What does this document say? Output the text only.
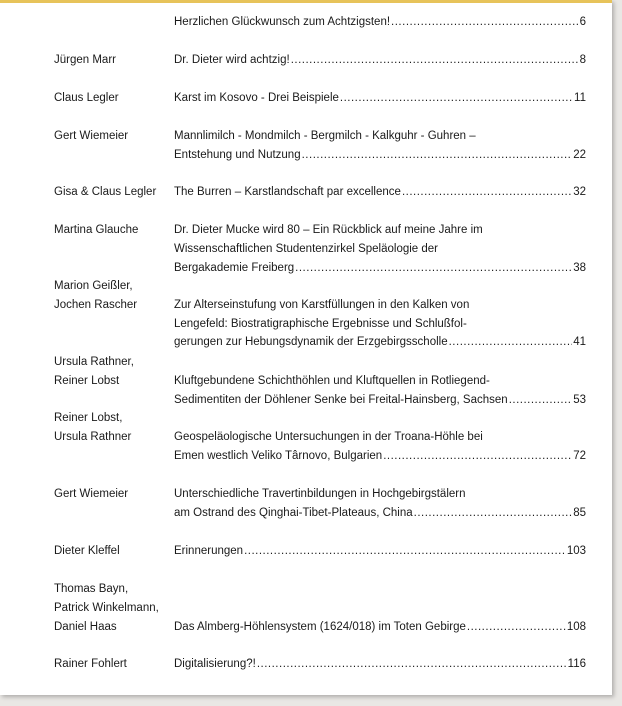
Herzlichen Glückwunsch zum Achtzigsten! .....	6
Jürgen Marr	Dr. Dieter wird achtzig! .....	8
Claus Legler	Karst im Kosovo - Drei Beispiele .....	11
Gert Wiemeier	Mannlimilch - Mondmilch - Bergmilch - Kalkguhr - Guhren –
Entstehung und Nutzung .....	22
Gisa & Claus Legler	The Burren – Karstlandschaft par excellence .....	32
Martina Glauche	Dr. Dieter Mucke wird 80 – Ein Rückblick auf meine Jahre im
Wissenschaftlichen Studentenzirkel Speläologie der
Bergakademie Freiberg .....	38
Marion Geißler,
Jochen Rascher	Zur Alterseinstufung von Karstfüllungen in den Kalken von
Lengefeld: Biostratigraphische Ergebnisse und Schlußfol-
gerungen zur Hebungsdynamik der Erzgebirgsscholle .....	41
Ursula Rathner,
Reiner Lobst	Kluftgebundene Schichthöhlen und Kluftquellen in Rotliegend-
Sedimentiten der Döhlener Senke bei Freital-Hainsberg, Sachsen .....	53
Reiner Lobst,
Ursula Rathner	Geospeläologische Untersuchungen in der Troana-Höhle bei
Emen westlich Veliko Târnovo, Bulgarien .....	72
Gert Wiemeier	Unterschiedliche Travertinbildungen in Hochgebirgstälern
am Ostrand des Qinghai-Tibet-Plateaus, China .....	85
Dieter Kleffel	Erinnerungen .....	103
Thomas Bayn,
Patrick Winkelmann,
Daniel Haas	Das Almberg-Höhlensystem (1624/018) im Toten Gebirge .....	108
Rainer Fohlert	Digitalisierung?! .....	116
